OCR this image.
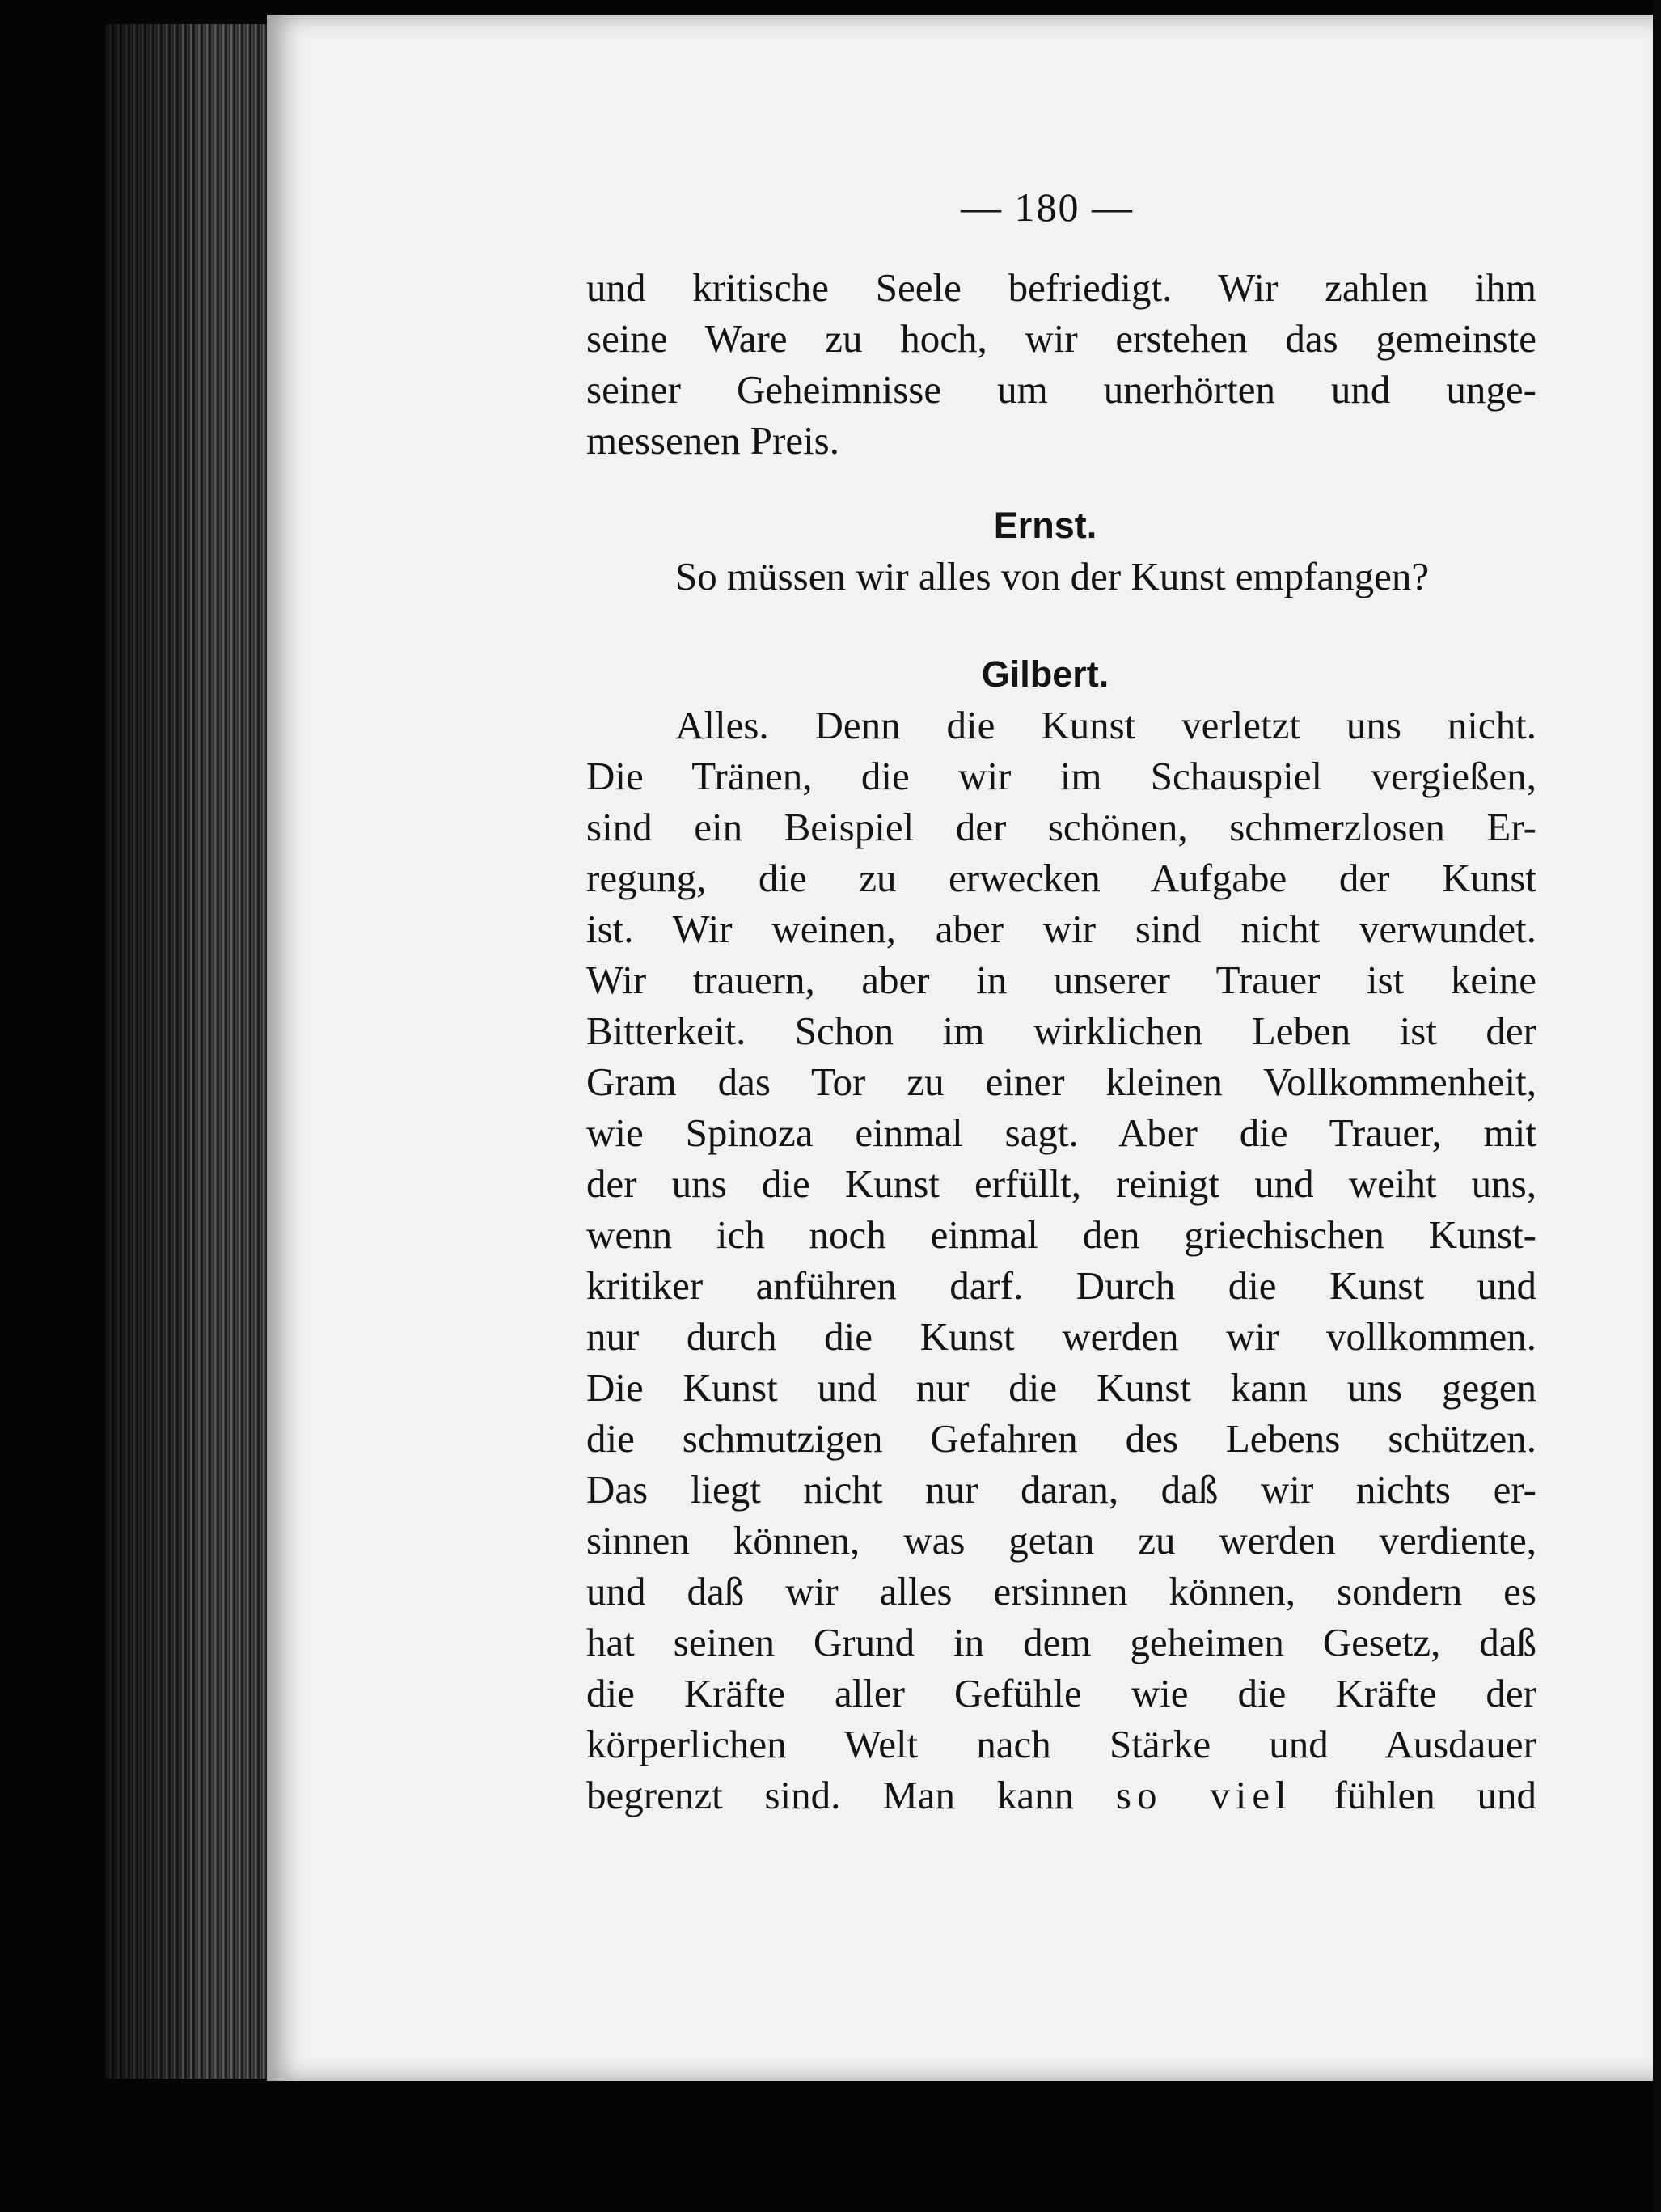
— 180 —
und kritische Seele befriedigt. Wir zahlen ihm
seine Ware zu hoch, wir erstehen das gemeinste
seiner Geheimnisse um unerhörten und unge-
messenen Preis.
Ernst.
So müssen wir alles von der Kunst empfangen?
Gilbert.
Alles. Denn die Kunst verletzt uns nicht.
Die Tränen, die wir im Schauspiel vergießen,
sind ein Beispiel der schönen, schmerzlosen Er-
regung, die zu erwecken Aufgabe der Kunst
ist. Wir weinen, aber wir sind nicht verwundet.
Wir trauern, aber in unserer Trauer ist keine
Bitterkeit. Schon im wirklichen Leben ist der
Gram das Tor zu einer kleinen Vollkommenheit,
wie Spinoza einmal sagt. Aber die Trauer, mit
der uns die Kunst erfüllt, reinigt und weiht uns,
wenn ich noch einmal den griechischen Kunst-
kritiker anführen darf. Durch die Kunst und
nur durch die Kunst werden wir vollkommen.
Die Kunst und nur die Kunst kann uns gegen
die schmutzigen Gefahren des Lebens schützen.
Das liegt nicht nur daran, daß wir nichts er-
sinnen können, was getan zu werden verdiente,
und daß wir alles ersinnen können, sondern es
hat seinen Grund in dem geheimen Gesetz, daß
die Kräfte aller Gefühle wie die Kräfte der
körperlichen Welt nach Stärke und Ausdauer
begrenzt sind. Man kann so viel fühlen und
